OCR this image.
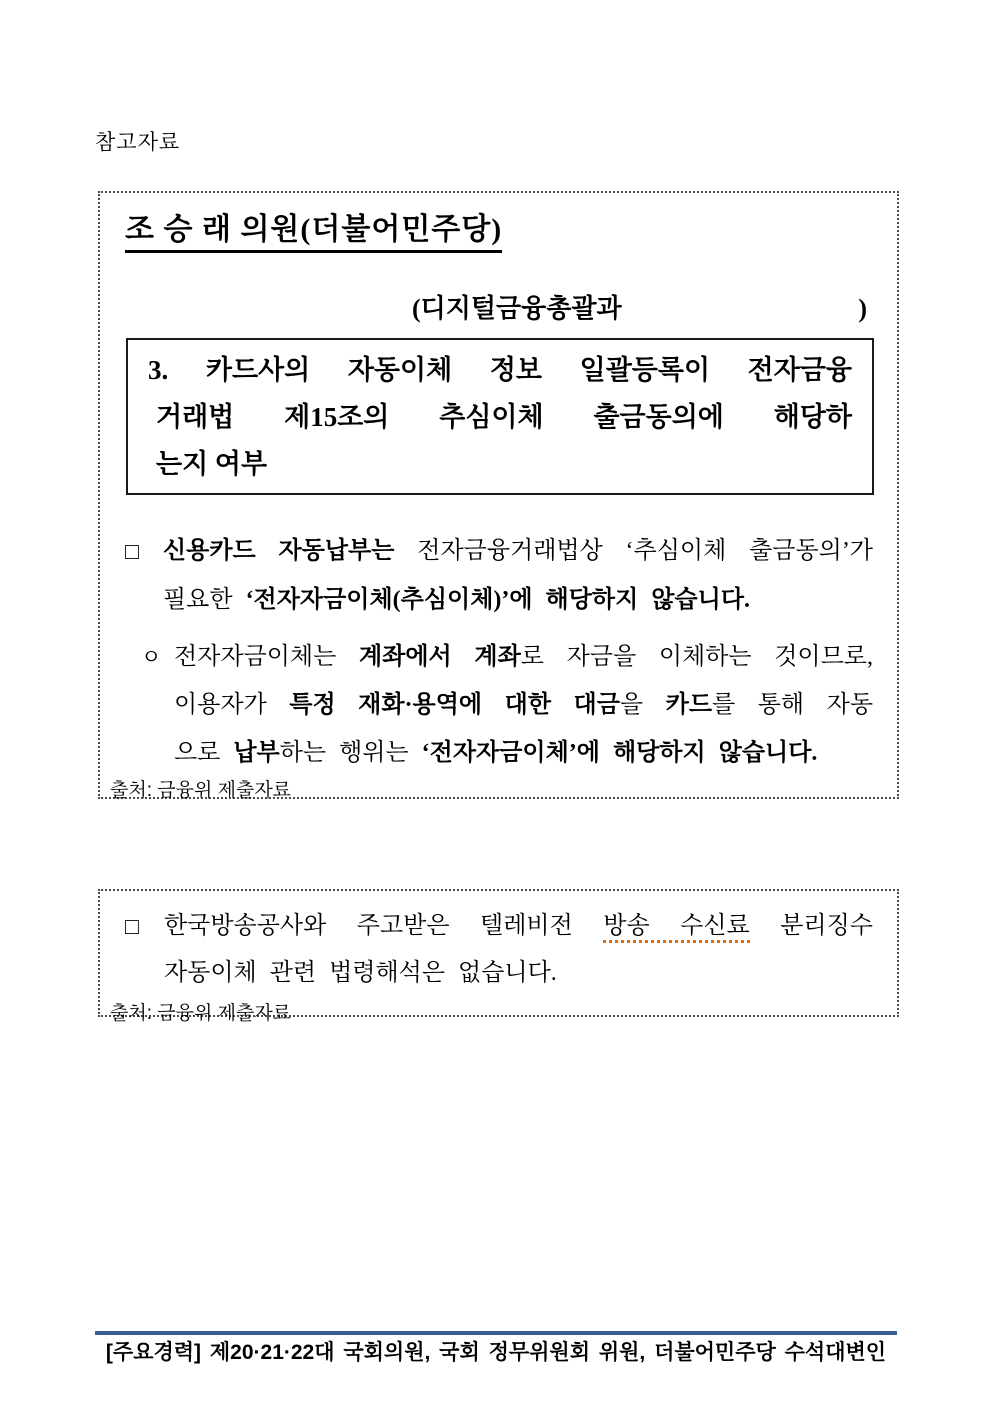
참고자료
조 승 래 의원(더불어민주당)
(디지털금융총괄과	)
3. 카드사의 자동이체 정보 일괄등록이 전자금융
거래법 제15조의 추심이체 출금동의에 해당하
는지 여부
□	신용카드 자동납부는 전자금융거래법상 ‘추심이체 출금동의’가
필요한 ‘전자자금이체(추심이체)’에 해당하지 않습니다.
ㅇ 전자자금이체는 계좌에서 계좌로 자금을 이체하는 것이므로,
이용자가 특정 재화·용역에 대한 대금을 카드를 통해 자동
으로 납부하는 행위는 ‘전자자금이체’에 해당하지 않습니다.
출처: 금융위 제출자료
□	한국방송공사와 주고받은 텔레비전 방송 수신료 분리징수
자동이체 관련 법령해석은 없습니다.
출처: 금융위 제출자료
[주요경력] 제20·21·22대 국회의원, 국회 정무위원회 위원, 더불어민주당 수석대변인
